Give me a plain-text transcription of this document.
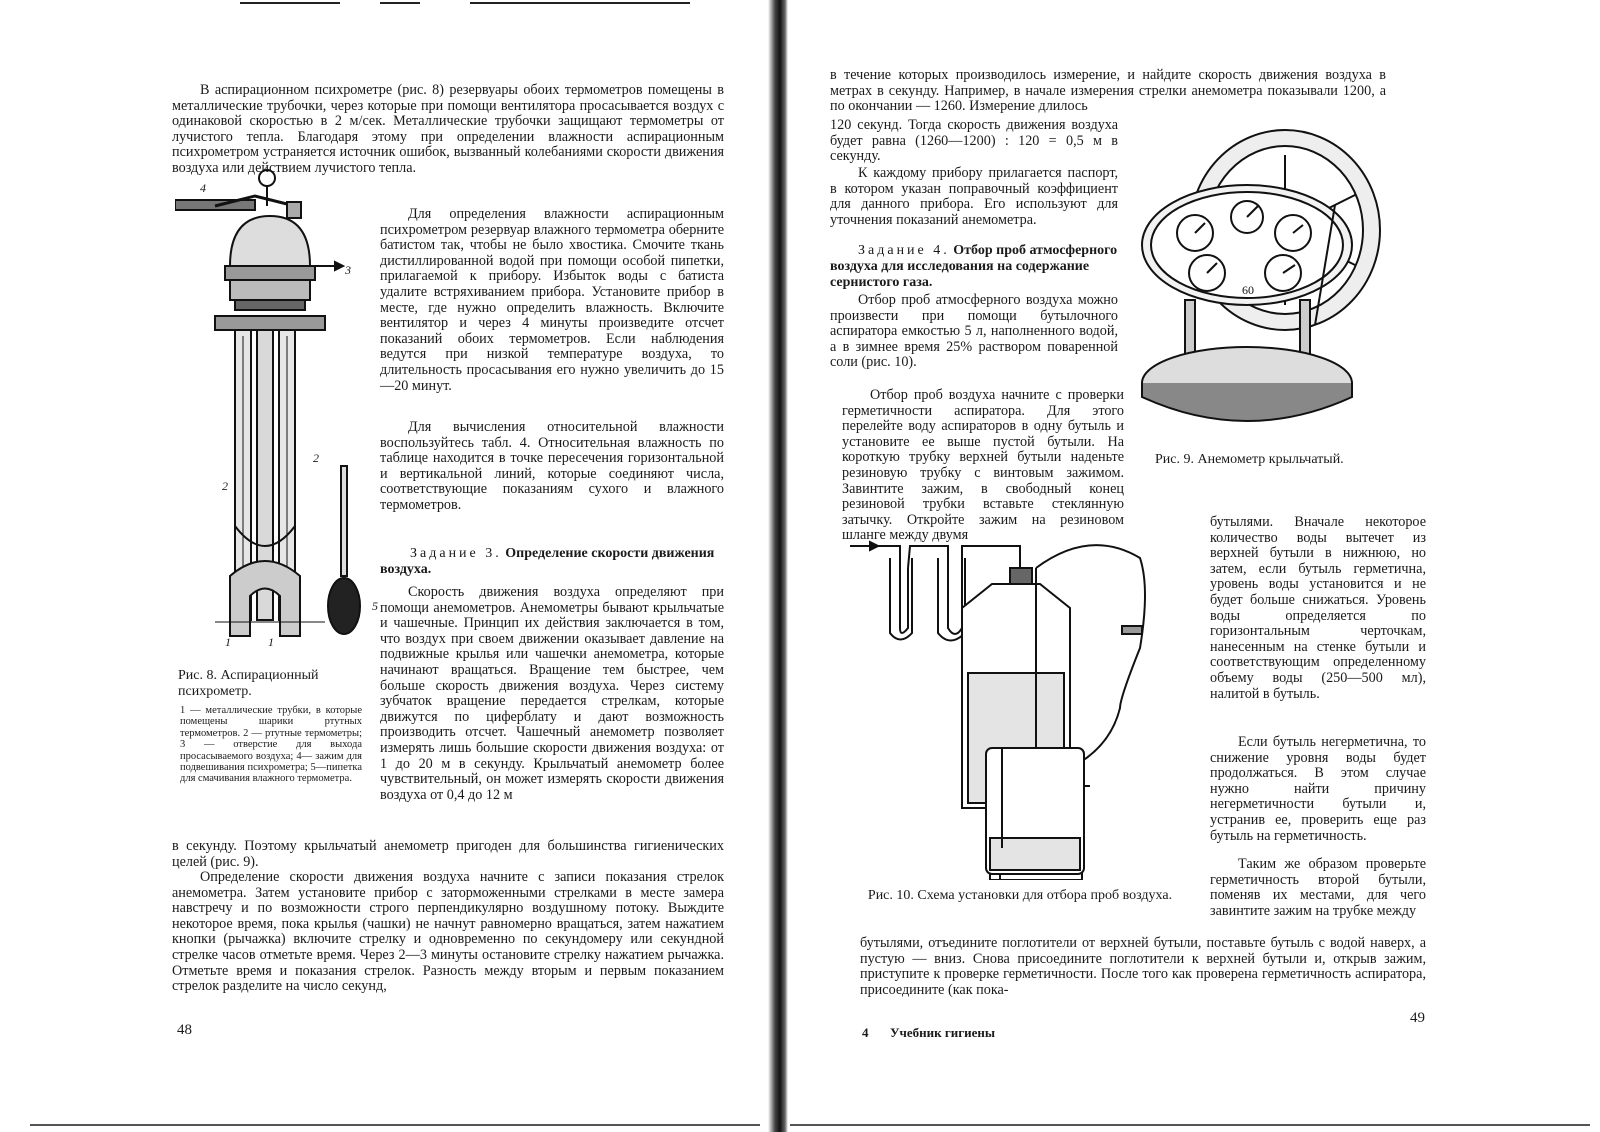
В аспирационном психрометре (рис. 8) резервуары обоих термометров помещены в металлические трубочки, через которые при помощи вентилятора просасывается воздух с одинаковой скоростью в 2 м/сек. Металлические трубочки защищают термометры от лучистого тепла. Благодаря этому при определении влажности аспирационным психрометром устраняется источник ошибок, вызванный колебаниями скорости движения воздуха или действием лучистого тепла.

4
3
2
2
1	1
5

Для определения влажности аспирационным психрометром резервуар влажного термометра оберните батистом так, чтобы не было хвостика. Смочите ткань дистиллированной водой при помощи особой пипетки, прилагаемой к прибору. Избыток воды с батиста удалите встряхиванием прибора. Установите прибор в месте, где нужно определить влажность. Включите вентилятор и через 4 минуты произведите отсчет показаний обоих термометров. Если наблюдения ведутся при низкой температуре воздуха, то длительность просасывания его нужно увеличить до 15—20 минут.

Для вычисления относительной влажности воспользуйтесь табл. 4. Относительная влажность по таблице находится в точке пересечения горизонтальной и вертикальной линий, которые соединяют числа, соответствующие показаниям сухого и влажного термометров.

Задание 3. Определение скорости движения воздуха.

Скорость движения воздуха определяют при помощи анемометров. Анемометры бывают крыльчатые и чашечные. Принцип их действия заключается в том, что воздух при своем движении оказывает давление на подвижные крылья или чашечки анемометра, которые начинают вращаться. Вращение тем быстрее, чем больше скорость движения воздуха. Через систему зубчаток вращение передается стрелкам, которые движутся по циферблату и дают возможность производить отсчет. Чашечный анемометр позволяет измерять лишь большие скорости движения воздуха: от 1 до 20 м в секунду. Крыльчатый анемометр более чувствительный, он может измерять скорости движения воздуха от 0,4 до 12 м

Рис. 8. Аспирационный психрометр.

1 — металлические трубки, в которые помещены шарики ртутных термометров. 2 — ртутные термометры; 3 — отверстие для выхода просасываемого воздуха; 4— зажим для подвешивания психрометра; 5—пипетка для смачивания влажного термометра.

в секунду. Поэтому крыльчатый анемометр пригоден для большинства гигиенических целей (рис. 9).

Определение скорости движения воздуха начните с записи показания стрелок анемометра. Затем установите прибор с заторможенными стрелками в месте замера навстречу и по возможности строго перпендикулярно воздушному потоку. Выждите некоторое время, пока крылья (чашки) не начнут равномерно вращаться, затем нажатием кнопки (рычажка) включите стрелку и одновременно по секундомеру или секундной стрелке часов отметьте время. Через 2—3 минуты остановите стрелку нажатием рычажка. Отметьте время и показания стрелок. Разность между вторым и первым показанием стрелок разделите на число секунд,

48

в течение которых производилось измерение, и найдите скорость движения воздуха в метрах в секунду. Например, в начале измерения стрелки анемометра показывали 1200, а по окончании — 1260. Измерение длилось

120 секунд. Тогда скорость движения воздуха будет равна (1260—1200) : 120 = 0,5 м в секунду.

К каждому прибору прилагается паспорт, в котором указан поправочный коэффициент для данного прибора. Его используют для уточнения показаний анемометра.

Задание 4. Отбор проб атмосферного воздуха для исследования на содержание сернистого газа.

Отбор проб атмосферного воздуха можно произвести при помощи бутылочного аспиратора емкостью 5 л, наполненного водой, а в зимнее время 25% раствором поваренной соли (рис. 10).

60

Рис. 9. Анемометр крыльчатый.

Отбор проб воздуха начните с проверки герметичности аспиратора. Для этого перелейте воду аспираторов в одну бутыль и установите ее выше пустой бутыли. На короткую трубку верхней бутыли наденьте резиновую трубку с винтовым зажимом. Завинтите зажим, в свободный конец резиновой трубки вставьте стеклянную затычку. Откройте зажим на резиновом шланге между двумя

Рис. 10. Схема установки для отбора проб воздуха.

бутылями. Вначале некоторое количество воды вытечет из верхней бутыли в нижнюю, но затем, если бутыль герметична, уровень воды установится и не будет больше снижаться. Уровень воды определяется по горизонтальным черточкам, нанесенным на стенке бутыли и соответствующим определенному объему воды (250—500 мл), налитой в бутыль.

Если бутыль негерметична, то снижение уровня воды будет продолжаться. В этом случае нужно найти причину негерметичности бутыли и, устранив ее, проверить еще раз бутыль на герметичность.

Таким же образом проверьте герметичность второй бутыли, поменяв их местами, для чего завинтите зажим на трубке между

бутылями, отъедините поглотители от верхней бутыли, поставьте бутыль с водой наверх, а пустую — вниз. Снова присоедините поглотители к верхней бутыли и, открыв зажим, приступите к проверке герметичности. После того как проверена герметичность аспиратора, присоедините (как пока-

4 Учебник гигиены
49
